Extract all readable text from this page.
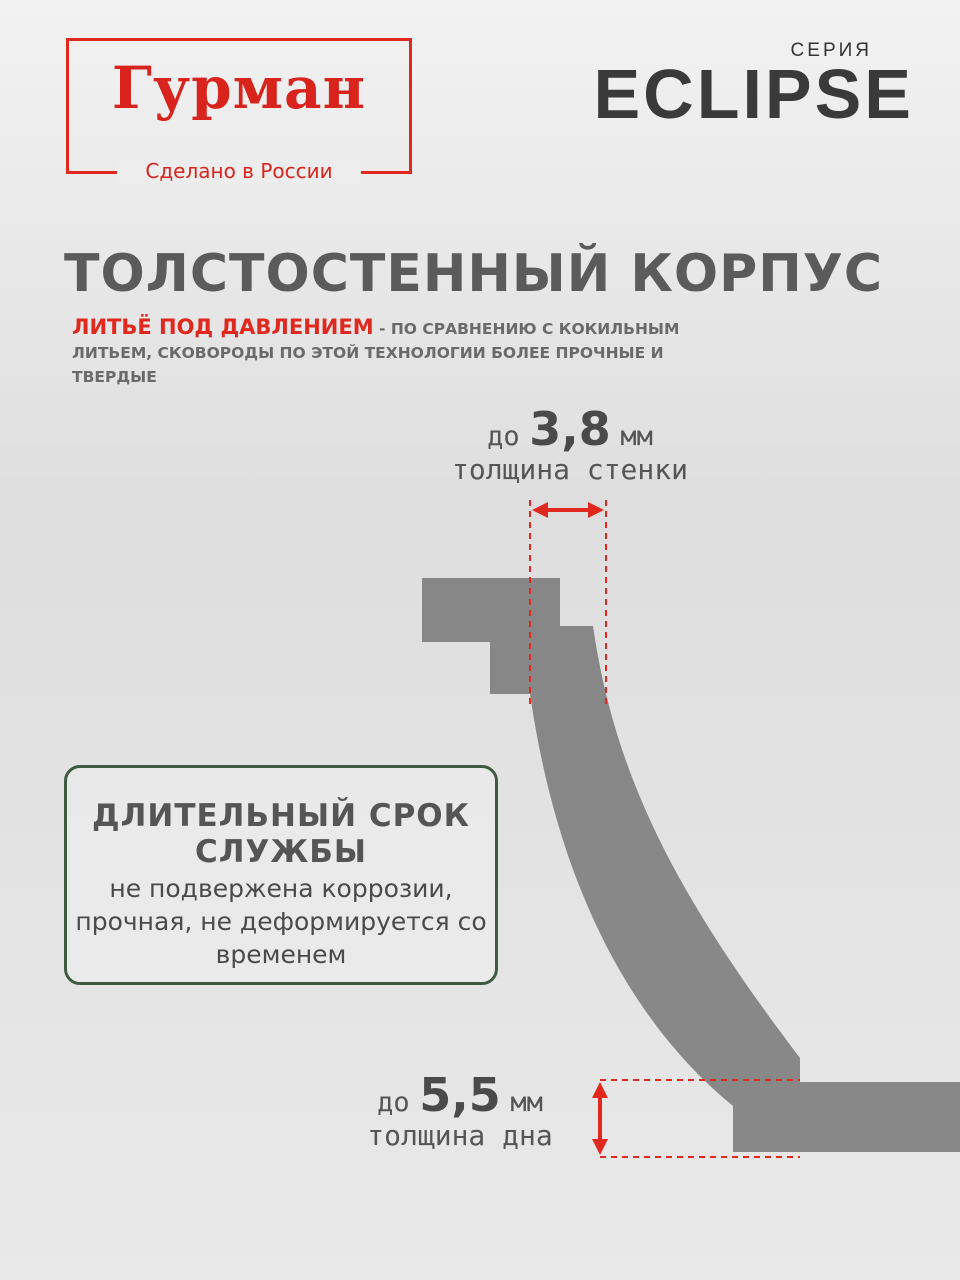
Гурман
Сделано в России
СЕРИЯ
ECLIPSE
ТОЛСТОСТЕННЫЙ КОРПУС
ЛИТЬЁ ПОД ДАВЛЕНИЕМ - ПО СРАВНЕНИЮ С КОКИЛЬНЫМ ЛИТЬЕМ, СКОВОРОДЫ ПО ЭТОЙ ТЕХНОЛОГИИ БОЛЕЕ ПРОЧНЫЕ И ТВЕРДЫЕ
до 3,8 мм
толщина стенки
до 5,5 мм
толщина дна
ДЛИТЕЛЬНЫЙ СРОК СЛУЖБЫ
не подвержена коррозии, прочная, не деформируется со временем
